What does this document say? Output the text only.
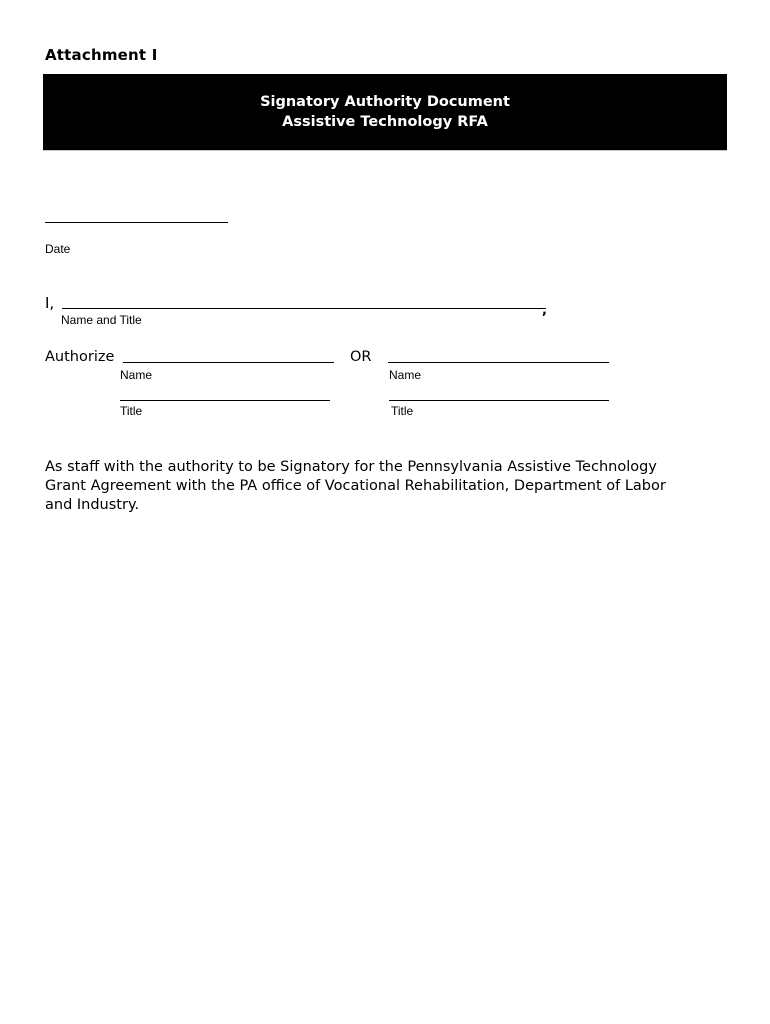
Attachment I
Signatory Authority Document
Assistive Technology RFA
Date
I,	,
Name and Title
Authorize	OR
Name	Name
Title	Title

As staff with the authority to be Signatory for the Pennsylvania Assistive Technology
Grant Agreement with the PA office of Vocational Rehabilitation, Department of Labor
and Industry.
